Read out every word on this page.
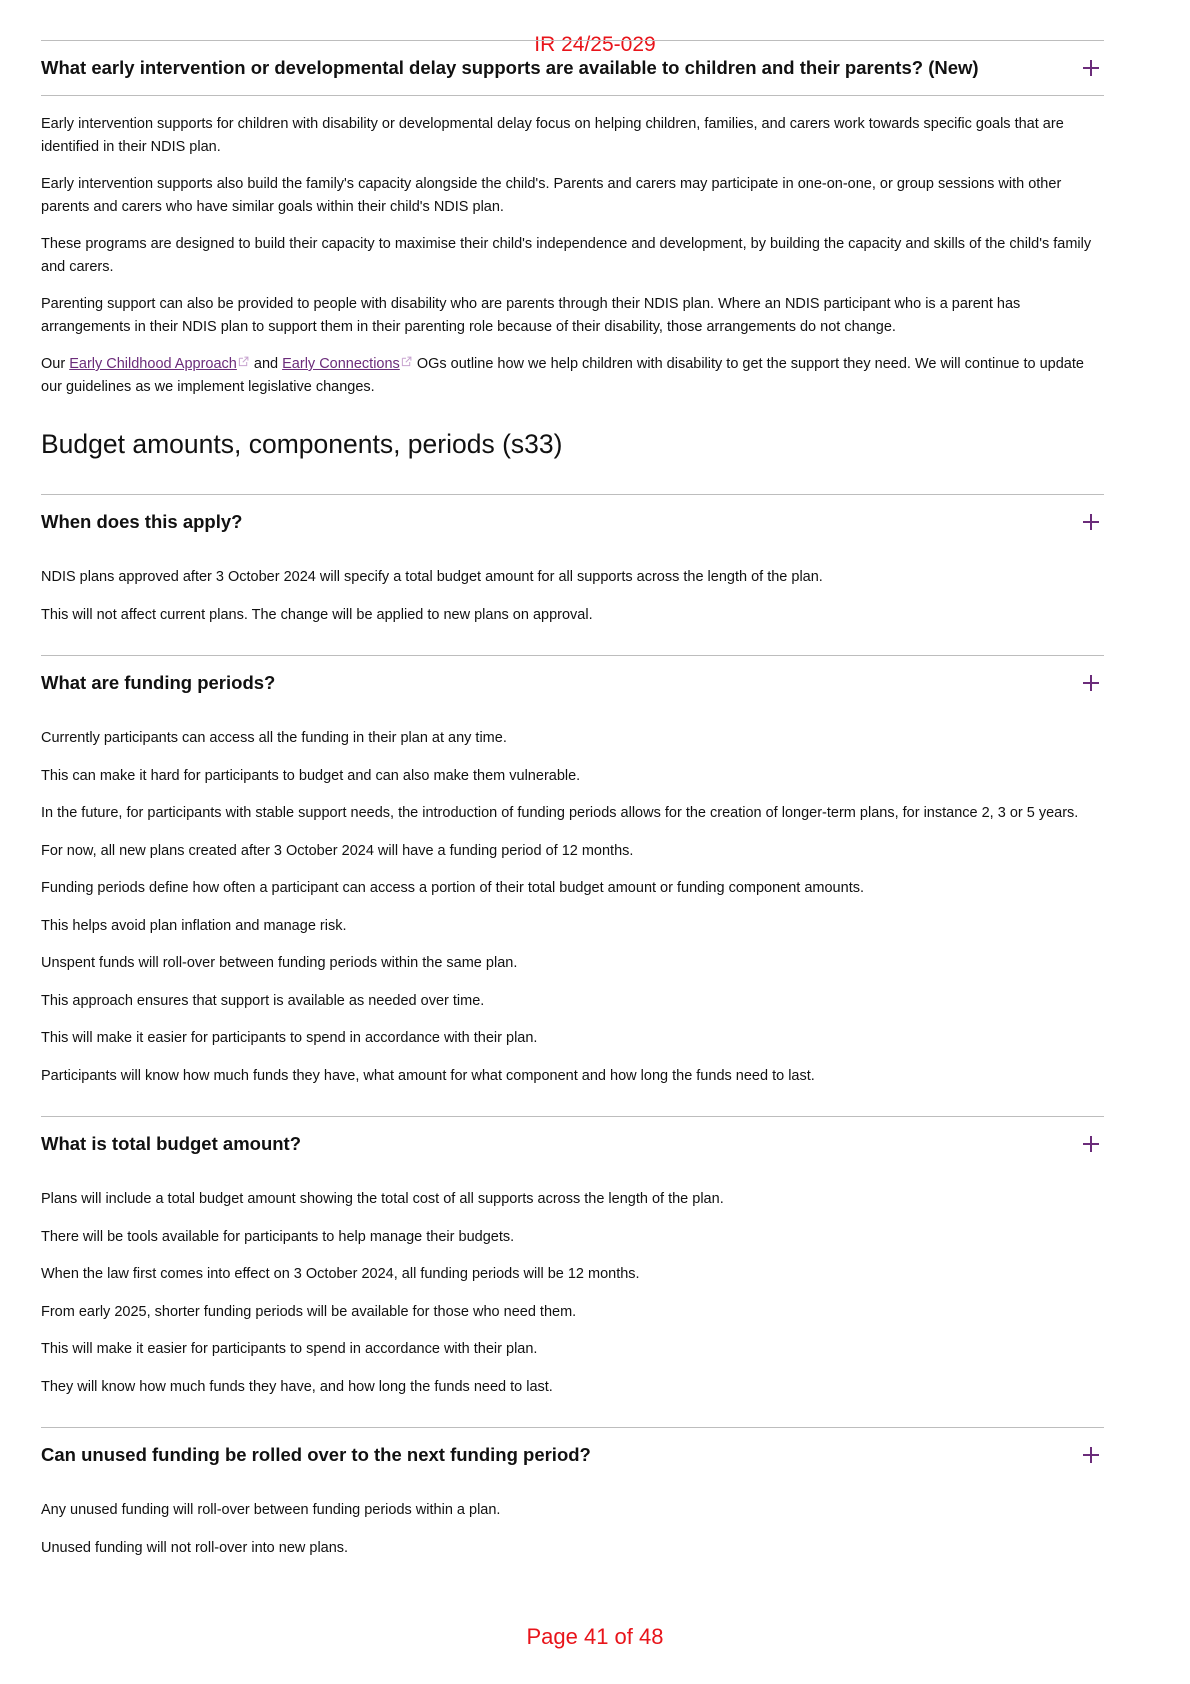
IR 24/25-029
What early intervention or developmental delay supports are available to children and their parents? (New)

Early intervention supports for children with disability or developmental delay focus on helping children, families, and carers work towards specific goals that are identified in their NDIS plan.

Early intervention supports also build the family's capacity alongside the child's. Parents and carers may participate in one-on-one, or group sessions with other parents and carers who have similar goals within their child's NDIS plan.

These programs are designed to build their capacity to maximise their child's independence and development, by building the capacity and skills of the child's family and carers.

Parenting support can also be provided to people with disability who are parents through their NDIS plan. Where an NDIS participant who is a parent has arrangements in their NDIS plan to support them in their parenting role because of their disability, those arrangements do not change.

Our Early Childhood Approach and Early Connections OGs outline how we help children with disability to get the support they need. We will continue to update our guidelines as we implement legislative changes.

Budget amounts, components, periods (s33)
When does this apply?

NDIS plans approved after 3 October 2024 will specify a total budget amount for all supports across the length of the plan.

This will not affect current plans. The change will be applied to new plans on approval.

What are funding periods?

Currently participants can access all the funding in their plan at any time.

This can make it hard for participants to budget and can also make them vulnerable.

In the future, for participants with stable support needs, the introduction of funding periods allows for the creation of longer-term plans, for instance 2, 3 or 5 years.

For now, all new plans created after 3 October 2024 will have a funding period of 12 months.

Funding periods define how often a participant can access a portion of their total budget amount or funding component amounts.

This helps avoid plan inflation and manage risk.

Unspent funds will roll-over between funding periods within the same plan.

This approach ensures that support is available as needed over time.

This will make it easier for participants to spend in accordance with their plan.

Participants will know how much funds they have, what amount for what component and how long the funds need to last.

What is total budget amount?

Plans will include a total budget amount showing the total cost of all supports across the length of the plan.

There will be tools available for participants to help manage their budgets.

When the law first comes into effect on 3 October 2024, all funding periods will be 12 months.

From early 2025, shorter funding periods will be available for those who need them.

This will make it easier for participants to spend in accordance with their plan.

They will know how much funds they have, and how long the funds need to last.

Can unused funding be rolled over to the next funding period?

Any unused funding will roll-over between funding periods within a plan.

Unused funding will not roll-over into new plans.

Page 41 of 48
